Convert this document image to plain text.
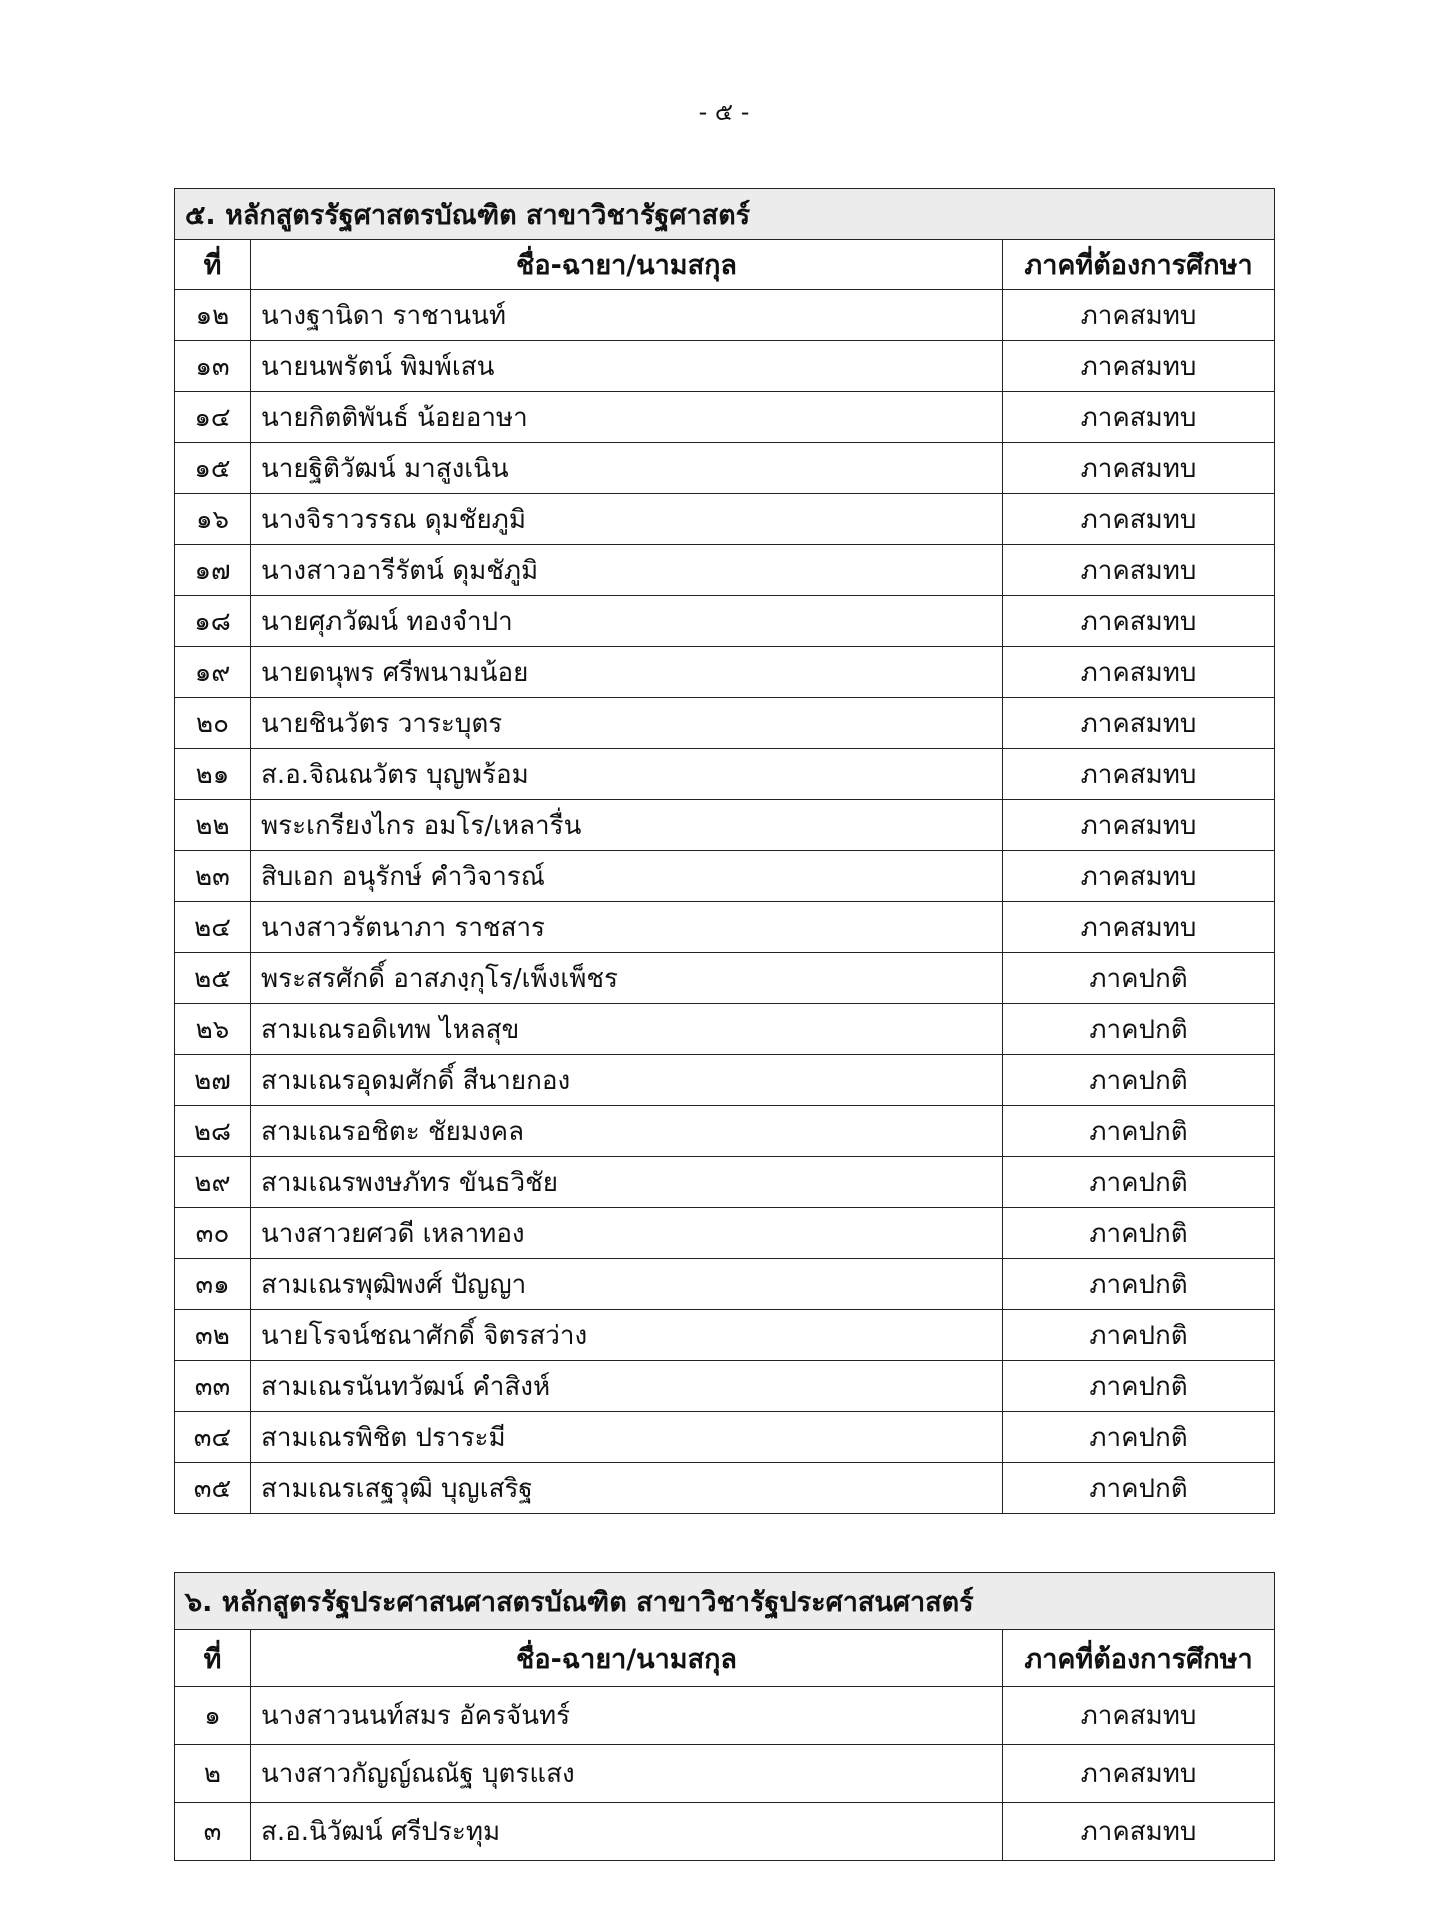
- ๕ -
๕. หลักสูตรรัฐศาสตรบัณฑิต สาขาวิชารัฐศาสตร์		
ที่	ชื่อ-ฉายา/นามสกุล	ภาคที่ต้องการศึกษา
๑๒	นางฐานิดา ราชานนท์	ภาคสมทบ
๑๓	นายนพรัตน์ พิมพ์เสน	ภาคสมทบ
๑๔	นายกิตติพันธ์ น้อยอาษา	ภาคสมทบ
๑๕	นายฐิติวัฒน์ มาสูงเนิน	ภาคสมทบ
๑๖	นางจิราวรรณ ดุมชัยภูมิ	ภาคสมทบ
๑๗	นางสาวอารีรัตน์ ดุมชัภูมิ	ภาคสมทบ
๑๘	นายศุภวัฒน์ ทองจำปา	ภาคสมทบ
๑๙	นายดนุพร ศรีพนามน้อย	ภาคสมทบ
๒๐	นายชินวัตร วาระบุตร	ภาคสมทบ
๒๑	ส.อ.จิณณวัตร บุญพร้อม	ภาคสมทบ
๒๒	พระเกรียงไกร อมโร/เหลารื่น	ภาคสมทบ
๒๓	สิบเอก อนุรักษ์ คำวิจารณ์	ภาคสมทบ
๒๔	นางสาวรัตนาภา ราชสาร	ภาคสมทบ
๒๕	พระสรศักดิ์ อาสภงฺกุโร/เพ็งเพ็ชร	ภาคปกติ
๒๖	สามเณรอดิเทพ ไหลสุข	ภาคปกติ
๒๗	สามเณรอุดมศักดิ์ สีนายกอง	ภาคปกติ
๒๘	สามเณรอชิตะ ชัยมงคล	ภาคปกติ
๒๙	สามเณรพงษภัทร ขันธวิชัย	ภาคปกติ
๓๐	นางสาวยศวดี เหลาทอง	ภาคปกติ
๓๑	สามเณรพุฒิพงศ์ ปัญญา	ภาคปกติ
๓๒	นายโรจน์ชณาศักดิ์ จิตรสว่าง	ภาคปกติ
๓๓	สามเณรนันทวัฒน์ คำสิงห์	ภาคปกติ
๓๔	สามเณรพิชิต ปราระมี	ภาคปกติ
๓๕	สามเณรเสฐวุฒิ บุญเสริฐ	ภาคปกติ
๖. หลักสูตรรัฐประศาสนศาสตรบัณฑิต สาขาวิชารัฐประศาสนศาสตร์		
ที่	ชื่อ-ฉายา/นามสกุล	ภาคที่ต้องการศึกษา
๑	นางสาวนนท์สมร อัครจันทร์	ภาคสมทบ
๒	นางสาวกัญญ์ณณัฐ บุตรแสง	ภาคสมทบ
๓	ส.อ.นิวัฒน์ ศรีประทุม	ภาคสมทบ
